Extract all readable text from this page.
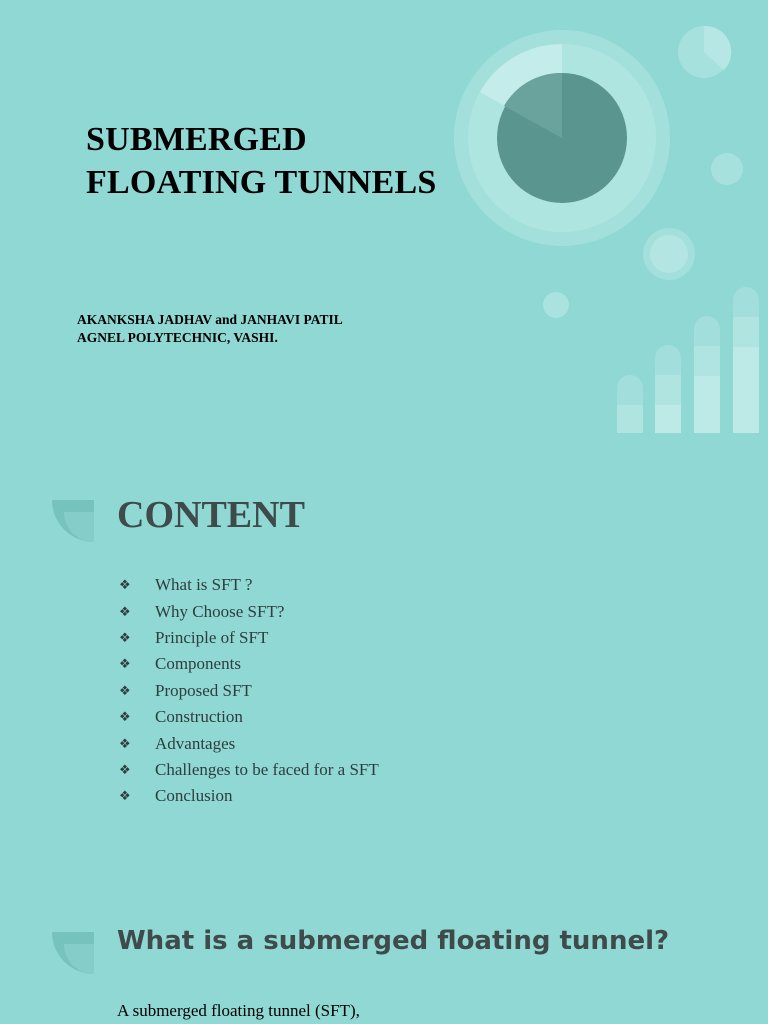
SUBMERGED
FLOATING TUNNELS
AKANKSHA JADHAV and JANHAVI PATIL
AGNEL POLYTECHNIC, VASHI.
CONTENT
❖	What is SFT ?
❖	Why Choose SFT?
❖	Principle of SFT
❖	Components
❖	Proposed SFT
❖	Construction
❖	Advantages
❖	Challenges to be faced for a SFT
❖	Conclusion
What is a submerged floating tunnel?
A submerged floating tunnel (SFT),
